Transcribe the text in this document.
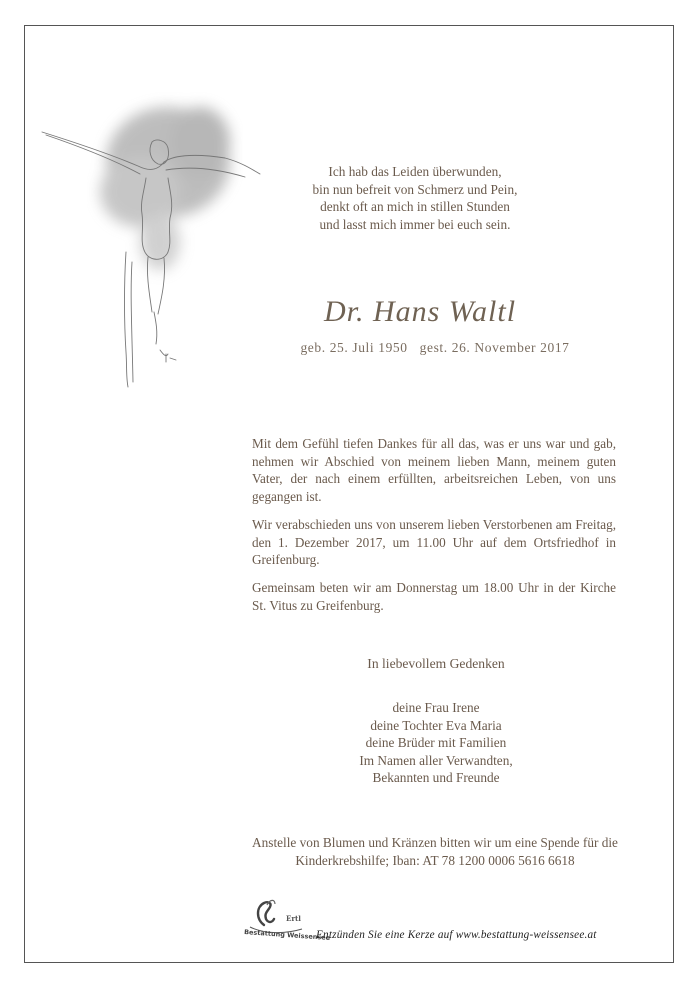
Ich hab das Leiden überwunden,
bin nun befreit von Schmerz und Pein,
denkt oft an mich in stillen Stunden
und lasst mich immer bei euch sein.
Dr. Hans Waltl
geb. 25. Juli 1950 gest. 26. November 2017
Mit dem Gefühl tiefen Dankes für all das, was er uns war und gab, nehmen wir Abschied von meinem lieben Mann, meinem guten Vater, der nach einem erfüllten, arbeitsreichen Leben, von uns gegangen ist.
Wir verabschieden uns von unserem lieben Verstorbenen am Freitag, den 1. Dezember 2017, um 11.00 Uhr auf dem Ortsfriedhof in Greifenburg.
Gemeinsam beten wir am Donnerstag um 18.00 Uhr in der Kirche St. Vitus zu Greifenburg.
In liebevollem Gedenken
deine Frau Irene
deine Tochter Eva Maria
deine Brüder mit Familien
Im Namen aller Verwandten,
Bekannten und Freunde
Anstelle von Blumen und Kränzen bitten wir um eine Spende für die
Kinderkrebshilfe; Iban: AT 78 1200 0006 5616 6618
Ertl
Bestattung Weissensee
Entzünden Sie eine Kerze auf www.bestattung-weissensee.at
